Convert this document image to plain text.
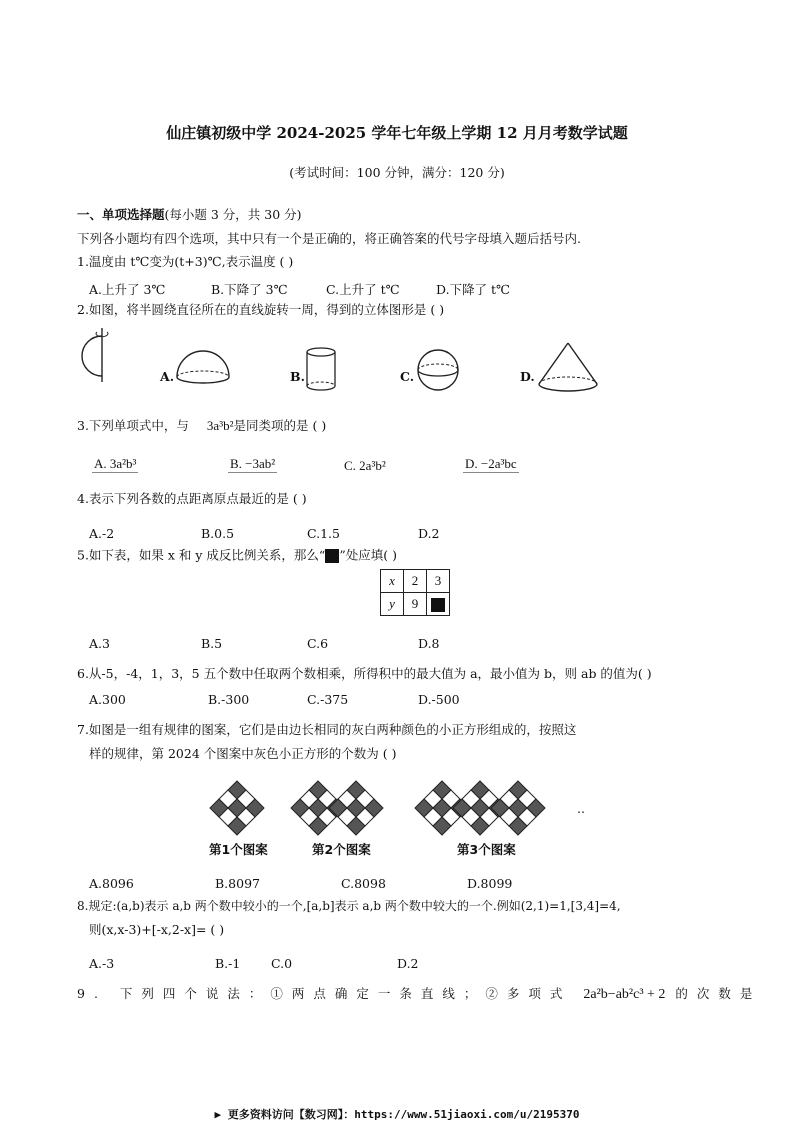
仙庄镇初级中学 2024-2025 学年七年级上学期 12 月月考数学试题
(考试时间：100 分钟，满分：120 分)
一、单项选择题(每小题 3 分，共 30 分)
下列各小题均有四个选项，其中只有一个是正确的，将正确答案的代号字母填入题后括号内.
1.温度由 t℃变为(t+3)℃,表示温度 ( )
A.上升了 3℃	B.下降了 3℃	C.上升了 t℃	D.下降了 t℃
2.如图，将半圆绕直径所在的直线旋转一周，得到的立体图形是 ( )
A.	B.	C.	D.
3.下列单项式中，与 3a³b²是同类项的是 ( )
A. 3a²b³	B. −3ab²	C. 2a³b²	D. −2a³bc
4.表示下列各数的点距离原点最近的是 ( )
A.-2	B.0.5	C.1.5	D.2
5.如下表，如果 x 和 y 成反比例关系，那么“ ”处应填( )
x	2	3
y	9	
A.3	B.5	C.6	D.8
6.从-5，-4，1，3，5 五个数中任取两个数相乘，所得积中的最大值为 a，最小值为 b，则 ab 的值为( )
A.300	B.-300	C.-375	D.-500
7.如图是一组有规律的图案，它们是由边长相同的灰白两种颜色的小正方形组成的，按照这
样的规律，第 2024 个图案中灰色小正方形的个数为 ( )
..
第1个图案	第2个图案	第3个图案
A.8096	B.8097	C.8098	D.8099
8.规定:(a,b)表示 a,b 两个数中较小的一个,[a,b]表示 a,b 两个数中较大的一个.例如(2,1)=1,[3,4]=4,
则(x,x-3)+[-x,2-x]= ( )
A.-3	B.-1 C.0	D.2
9. 下列四个说法：①两点确定一条直线；②多项式 2a²b−ab²c³ + 2 的次数是
▶ 更多资料访问【数习网】：https://www.51jiaoxi.com/u/2195370
